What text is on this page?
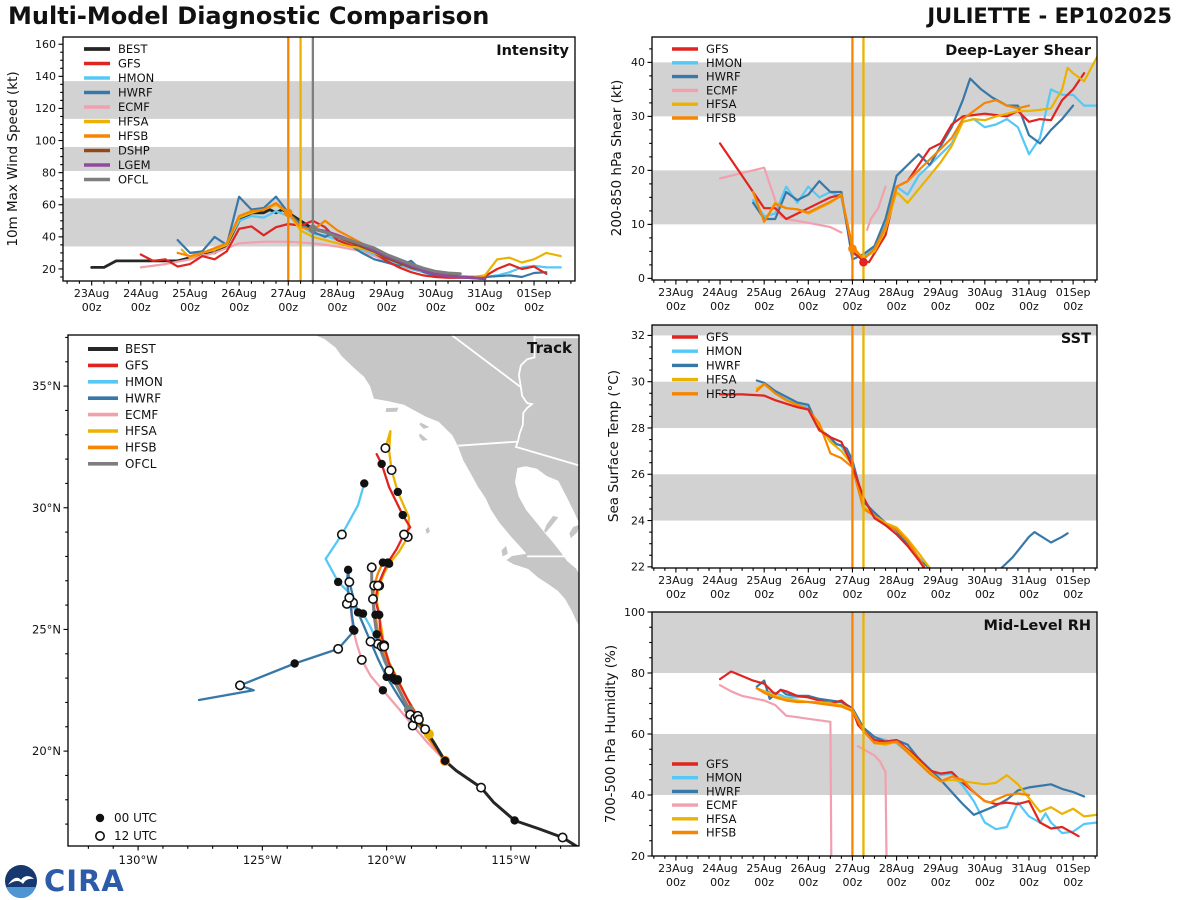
Multi-Model Diagnostic Comparison	JULIETTE - EP102025
23Aug 00z
24Aug 00z
25Aug 00z
26Aug 00z
27Aug 00z
28Aug 00z
29Aug 00z
30Aug 00z
31Aug 00z
01Sep 00z
20
40
60
80
100
120
140
160	BEST
GFS
HMON
HWRF
ECMF
HFSA
HFSB
DSHP
LGEM
OFCL
23Aug 00z
24Aug 00z
25Aug 00z
26Aug 00z
27Aug 00z
28Aug 00z
29Aug 00z
30Aug 00z
31Aug 00z
01Sep 00z
0
10
20
30
40
GFS
HMON
HWRF
ECMF
HFSA
HFSB
23Aug 00z
24Aug 00z
25Aug 00z
26Aug 00z
27Aug 00z
28Aug 00z
29Aug 00z
30Aug 00z
31Aug 00z
01Sep 00z
22
24
26
28
30
32	GFS
HMON
HWRF
HFSA
HFSB
23Aug 00z
24Aug 00z
25Aug 00z
26Aug 00z
27Aug 00z
28Aug 00z
29Aug 00z
30Aug 00z
31Aug 00z
01Sep 00z
20
40
60
80
100
GFS
HMON
HWRF
ECMF
HFSA
HFSB
130°W	125°W	120°W	115°W
35°N
30°N
25°N
20°N
BEST
GFS
HMON
HWRF
ECMF
HFSA
HFSB
OFCL
00 UTC
12 UTC
10m Max Wind Speed (kt)	200-850 hPa Shear (kt)
Sea Surface Temp (°C)
700-500 hPa Humidity (%)
Intensity	Deep-Layer Shear
SST
Mid-Level RH
Track
CIRA
